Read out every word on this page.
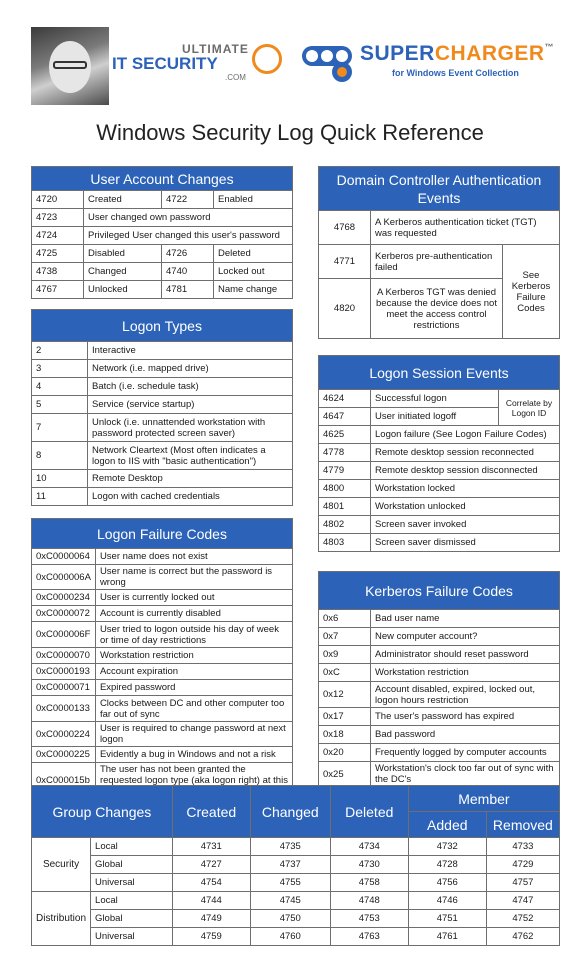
ULTIMATE
IT SECURITY
.COM
SUPERCHARGER™
for Windows Event Collection
Windows Security Log Quick Reference
User Account Changes			
4720	Created	4722	Enabled
4723	User changed own password		
4724	Privileged User changed this user's password		
4725	Disabled	4726	Deleted
4738	Changed	4740	Locked out
4767	Unlocked	4781	Name change
Logon Types	
2	Interactive
3	Network (i.e. mapped drive)
4	Batch (i.e. schedule task)
5	Service (service startup)
7	Unlock (i.e. unnattended workstation with password protected screen saver)
8	Network Cleartext (Most often indicates a logon to IIS with "basic authentication")
10	Remote Desktop
11	Logon with cached credentials
Logon Failure Codes	
0xC0000064	User name does not exist
0xC000006A	User name is correct but the password is wrong
0xC0000234	User is currently locked out
0xC0000072	Account is currently disabled
0xC000006F	User tried to logon outside his day of week or time of day restrictions
0xC0000070	Workstation restriction
0xC0000193	Account expiration
0xC0000071	Expired password
0xC0000133	Clocks between DC and other computer too far out of sync
0xC0000224	User is required to change password at next logon
0xC0000225	Evidently a bug in Windows and not a risk
0xC000015b	The user has not been granted the requested logon type (aka logon right) at this
Domain Controller Authentication Events		
4768	A Kerberos authentication ticket (TGT) was requested	
4771	Kerberos pre-authentication failed	See Kerberos Failure Codes
4820	A Kerberos TGT was denied because the device does not meet the access control restrictions	
Logon Session Events		
4624	Successful logon	Correlate by Logon ID
4647	User initiated logoff	
4625	Logon failure (See Logon Failure Codes)	
4778	Remote desktop session reconnected	
4779	Remote desktop session disconnected	
4800	Workstation locked	
4801	Workstation unlocked	
4802	Screen saver invoked	
4803	Screen saver dismissed	
Kerberos Failure Codes	
0x6	Bad user name
0x7	New computer account?
0x9	Administrator should reset password
0xC	Workstation restriction
0x12	Account disabled, expired, locked out, logon hours restriction
0x17	The user's password has expired
0x18	Bad password
0x20	Frequently logged by computer accounts
0x25	Workstation's clock too far out of sync with the DC's
Group Changes		Created	Changed	Deleted	Member	
					Added	Removed
Security	Local	4731	4735	4734	4732	4733
	Global	4727	4737	4730	4728	4729
	Universal	4754	4755	4758	4756	4757
Distribution	Local	4744	4745	4748	4746	4747
	Global	4749	4750	4753	4751	4752
	Universal	4759	4760	4763	4761	4762
